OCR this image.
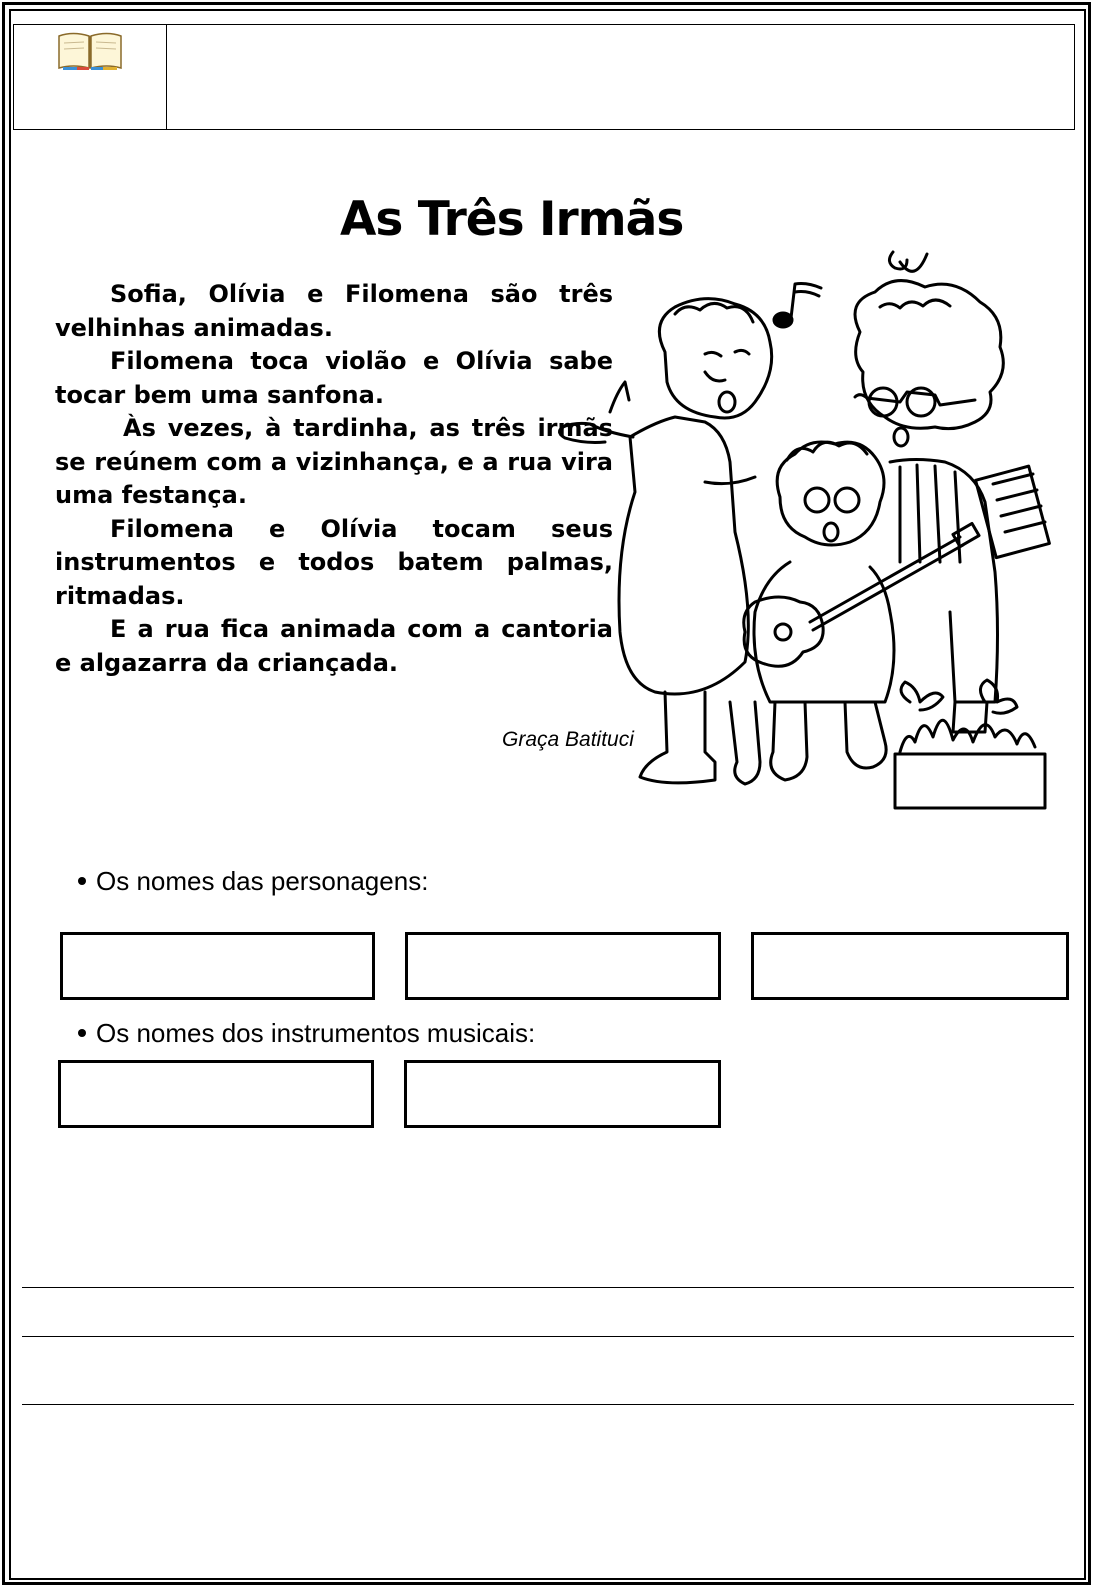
As Três Irmãs

Sofia, Olívia e Filomena são três velhinhas animadas.

Filomena toca violão e Olívia sabe tocar bem uma sanfona.

Às vezes, à tardinha, as três irmãs se reúnem com a vizinhança, e a rua vira uma festança.

Filomena e Olívia tocam seus instrumentos e todos batem palmas, ritmadas.

E a rua fica animada com a cantoria e algazarra da criançada.

Graça Batituci
Os nomes das personagens:
Os nomes dos instrumentos musicais:
